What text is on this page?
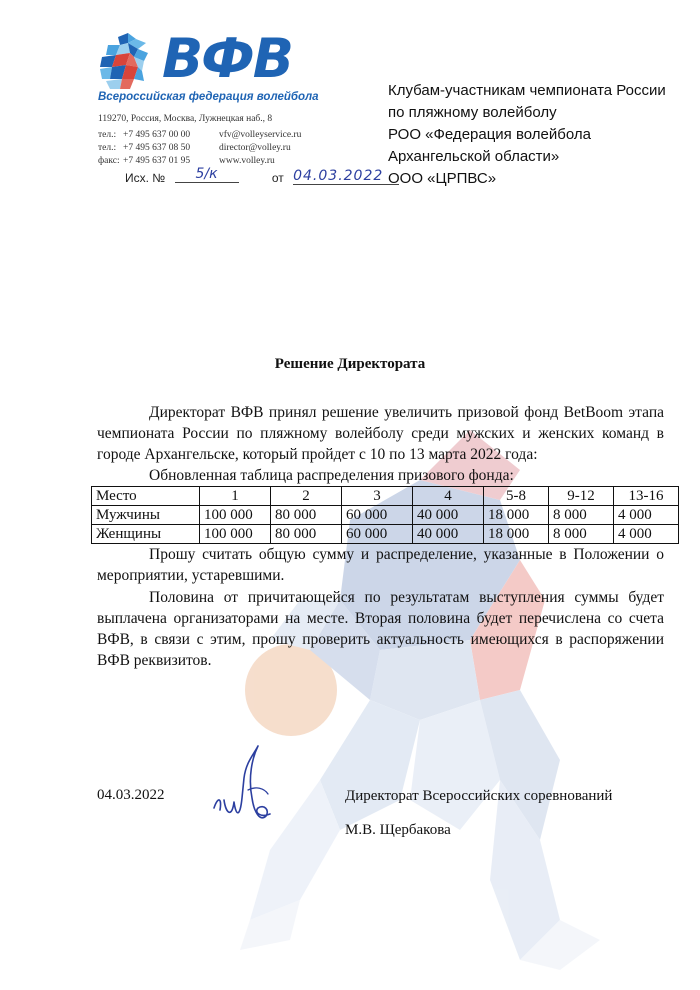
ВФВ
Всероссийская федерация волейбола
119270, Россия, Москва, Лужнецкая наб., 8
тел.: +7 495 637 00 00	vfv@volleyservice.ru
тел.: +7 495 637 08 50	director@volley.ru
факс: +7 495 637 01 95	www.volley.ru
Исх. № 5/к	от 04.03.2022
Клубам-участникам чемпионата России
по пляжному волейболу
РОО «Федерация волейбола
Архангельской области»
ООО «ЦРПВС»
Решение Директората
Директорат ВФВ принял решение увеличить призовой фонд BetBoom этапа чемпионата России по пляжному волейболу среди мужских и женских команд в городе Архангельске, который пройдет с 10 по 13 марта 2022 года:
Обновленная таблица распределения призового фонда:
Место	1	2	3	4	5-8	9-12	13-16
Мужчины	100 000	80 000	60 000	40 000	18 000	8 000	4 000
Женщины	100 000	80 000	60 000	40 000	18 000	8 000	4 000
Прошу считать общую сумму и распределение, указанные в Положении о мероприятии, устаревшими.
Половина от причитающейся по результатам выступления суммы будет выплачена организаторами на месте. Вторая половина будет перечислена со счета ВФВ, в связи с этим, прошу проверить актуальность имеющихся в распоряжении ВФВ реквизитов.
04.03.2022	Директорат Всероссийских соревнований
М.В. Щербакова
